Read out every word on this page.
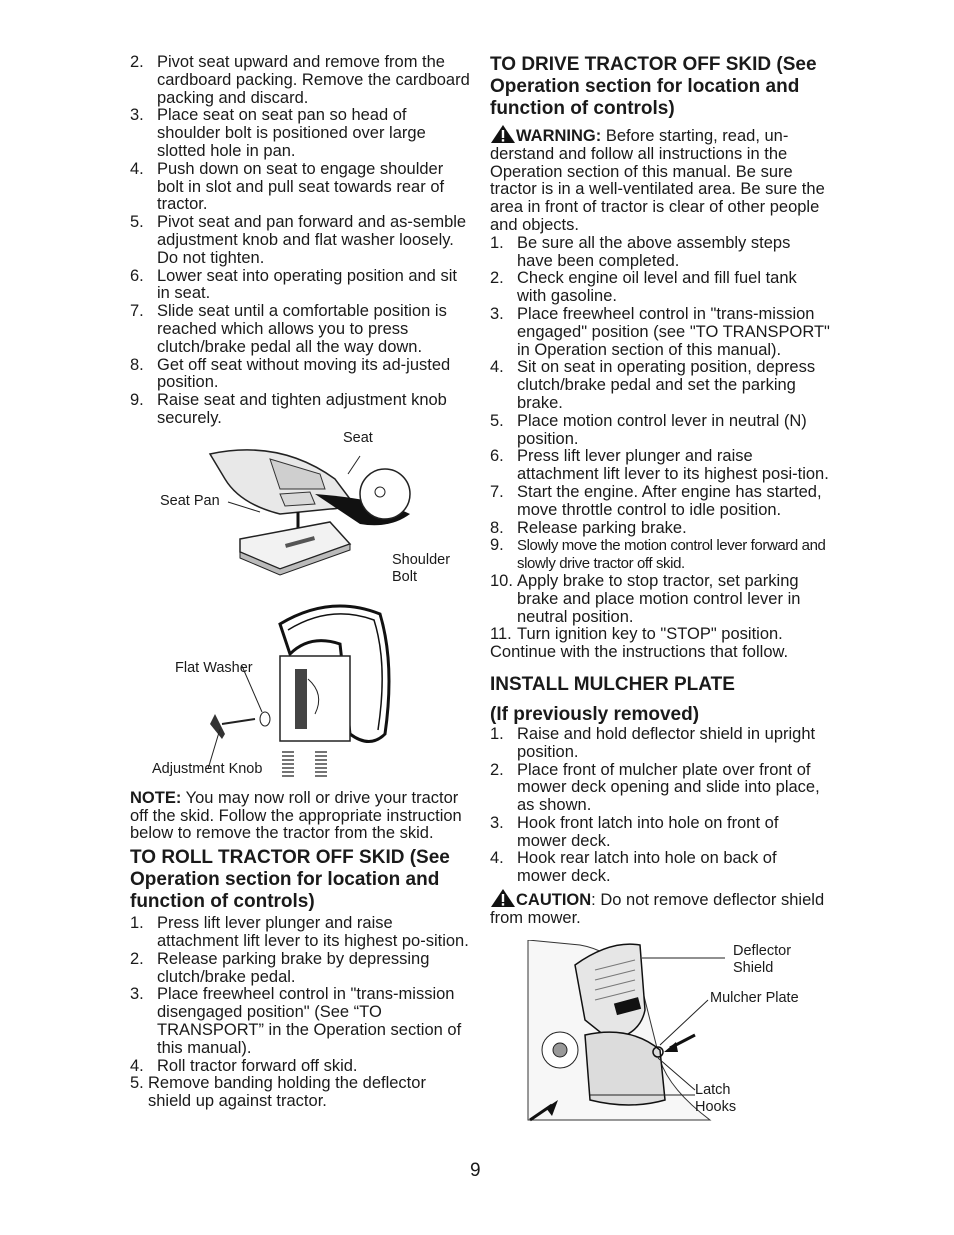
2. Pivot seat upward and remove from the cardboard packing. Remove the cardboard packing and discard.
3. Place seat on seat pan so head of shoulder bolt is positioned over large slotted hole in pan.
4. Push down on seat to engage shoulder bolt in slot and pull seat towards rear of tractor.
5. Pivot seat and pan forward and as-semble adjustment knob and flat washer loosely. Do not tighten.
6. Lower seat into operating position and sit in seat.
7. Slide seat until a comfortable position is reached which allows you to press clutch/brake pedal all the way down.
8. Get off seat without moving its ad-justed position.
9. Raise seat and tighten adjustment knob securely.
Seat
Seat Pan
Shoulder
Bolt
Flat Washer
Adjustment Knob

NOTE: You may now roll or drive your tractor off the skid. Follow the appropriate instruction below to remove the tractor from the skid.

TO ROLL TRACTOR OFF SKID (See Operation section for location and function of controls)

1. Press lift lever plunger and raise attachment lift lever to its highest po-sition.
2. Release parking brake by depressing clutch/brake pedal.
3. Place freewheel control in "trans-mission disengaged position" (See “TO TRANSPORT” in the Operation section of this manual).
4. Roll tractor forward off skid.
5. Remove banding holding the deflector shield up against tractor.

TO DRIVE TRACTOR OFF SKID (See Operation section for location and function of controls)

WARNING: Before starting, read, un-derstand and follow all instructions in the Operation section of this manual. Be sure tractor is in a well-ventilated area. Be sure the area in front of tractor is clear of other people and objects.

1. Be sure all the above assembly steps have been completed.
2. Check engine oil level and fill fuel tank with gasoline.
3. Place freewheel control in "trans-mission engaged" position (see "TO TRANSPORT" in Operation section of this manual).
4. Sit on seat in operating position, depress clutch/brake pedal and set the parking brake.
5. Place motion control lever in neutral (N) position.
6. Press lift lever plunger and raise attachment lift lever to its highest posi-tion.
7. Start the engine. After engine has started, move throttle control to idle position.
8. Release parking brake.
9. Slowly move the motion control lever forward and slowly drive tractor off skid.
10. Apply brake to stop tractor, set parking brake and place motion control lever in neutral position.
11. Turn ignition key to "STOP" position.

Continue with the instructions that follow.

INSTALL MULCHER PLATE

(If previously removed)

1. Raise and hold deflector shield in upright position.
2. Place front of mulcher plate over front of mower deck opening and slide into place, as shown.
3. Hook front latch into hole on front of mower deck.
4. Hook rear latch into hole on back of mower deck.

CAUTION: Do not remove deflector shield from mower.

Deflector
Shield
Mulcher Plate
Latch
Hooks
9
